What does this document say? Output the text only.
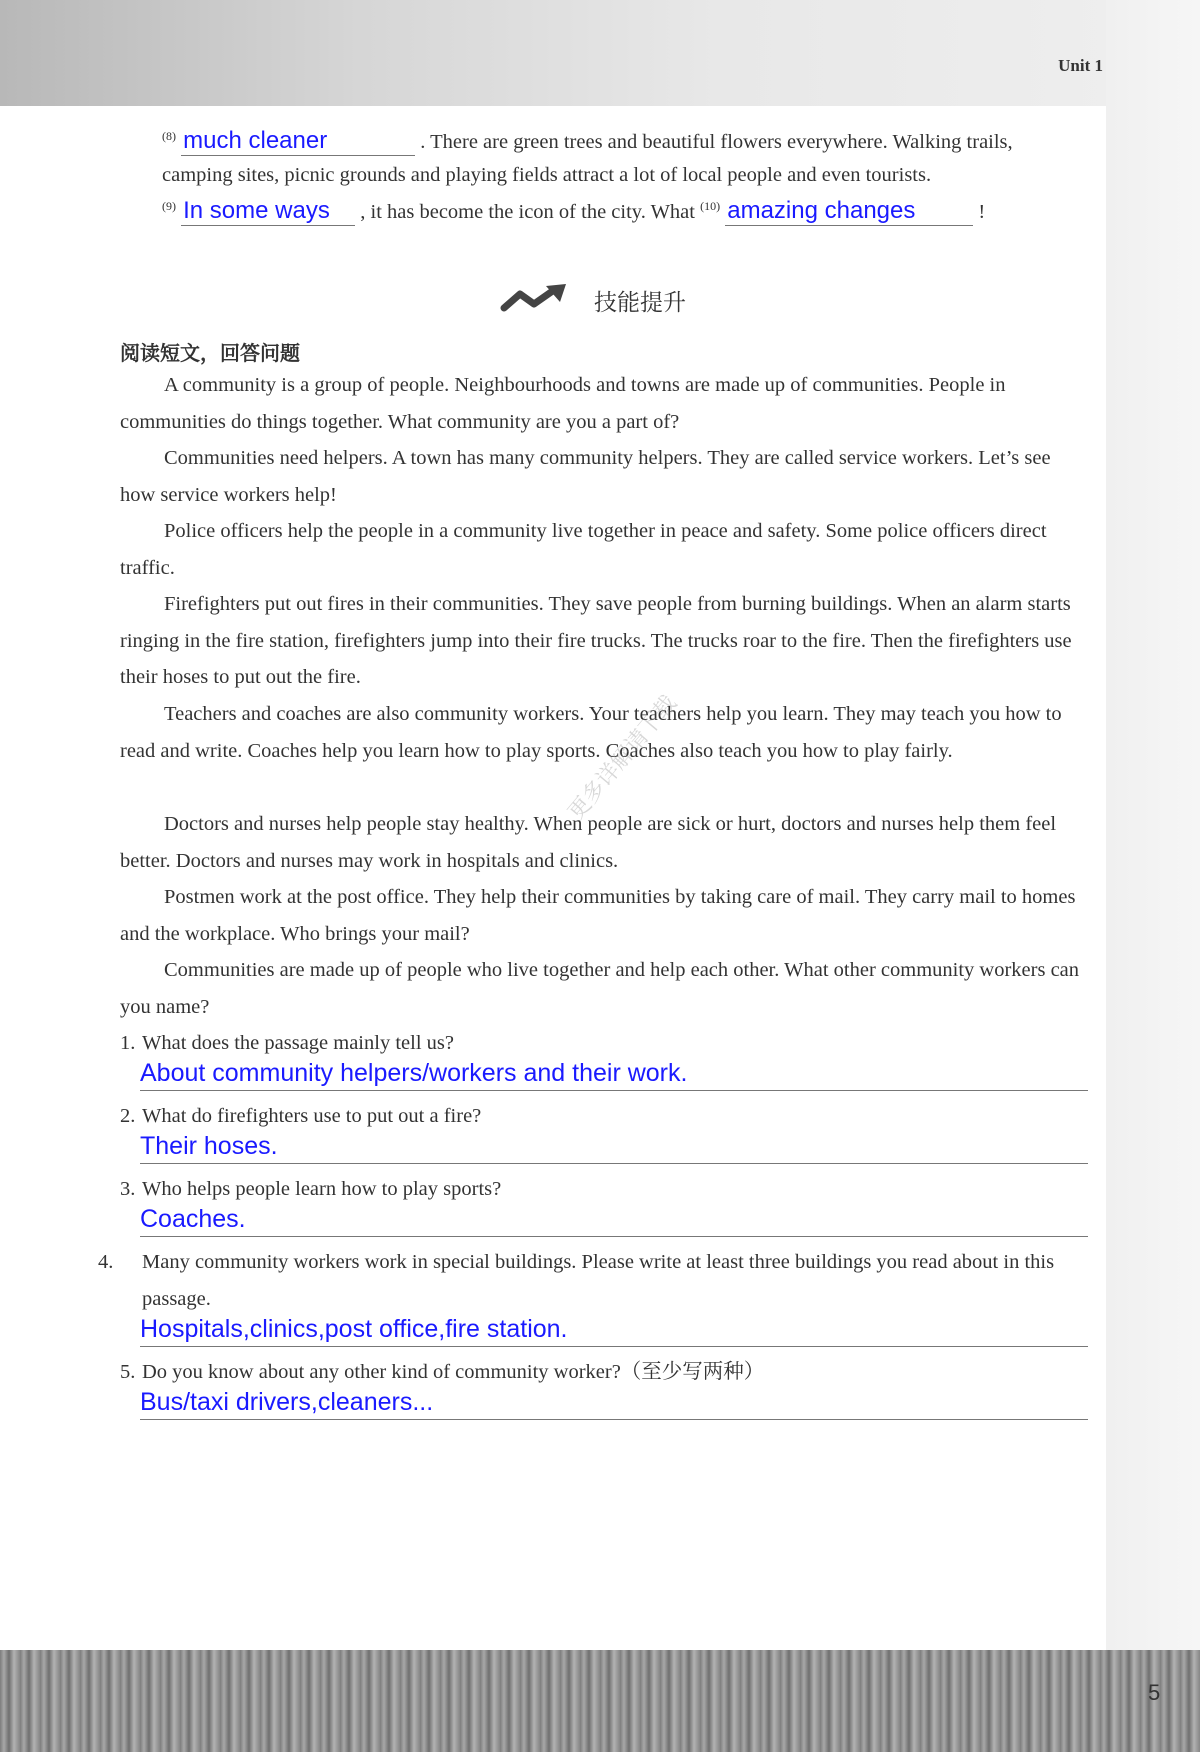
Unit 1
5
$^{(8)}$ much cleaner	. There are green trees and beautiful flowers everywhere. Walking trails,
camping sites, picnic grounds and playing fields attract a lot of local people and even tourists.
$^{(9)}$ In some ways , it has become the icon of the city. What $^{(10)}$ amazing changes	!
技能提升
阅读短文，回答问题

A community is a group of people. Neighbourhoods and towns are made up of communities. People in communities do things together. What community are you a part of?

Communities need helpers. A town has many community helpers. They are called service workers. Let’s see how service workers help!

Police officers help the people in a community live together in peace and safety. Some police officers direct traffic.

Firefighters put out fires in their communities. They save people from burning buildings. When an alarm starts ringing in the fire station, firefighters jump into their fire trucks. The trucks roar to the fire. Then the firefighters use their hoses to put out the fire.

Teachers and coaches are also community workers. Your teachers help you learn. They may teach you how to read and write. Coaches help you learn how to play sports. Coaches also teach you how to play fairly.

Doctors and nurses help people stay healthy. When people are sick or hurt, doctors and nurses help them feel better. Doctors and nurses may work in hospitals and clinics.

Postmen work at the post office. They help their communities by taking care of mail. They carry mail to homes and the workplace. Who brings your mail?

Communities are made up of people who live together and help each other. What other community workers can you name?

1. What does the passage mainly tell us?
About community helpers/workers and their work.
2. What do firefighters use to put out a fire?
Their hoses.
3. Who helps people learn how to play sports?
Coaches.
4. Many community workers work in special buildings. Please write at least three buildings you read about in this passage.
Hospitals,clinics,post office,fire station.
5. Do you know about any other kind of community worker?（至少写两种）
Bus/taxi drivers,cleaners...
更多详解请下载
